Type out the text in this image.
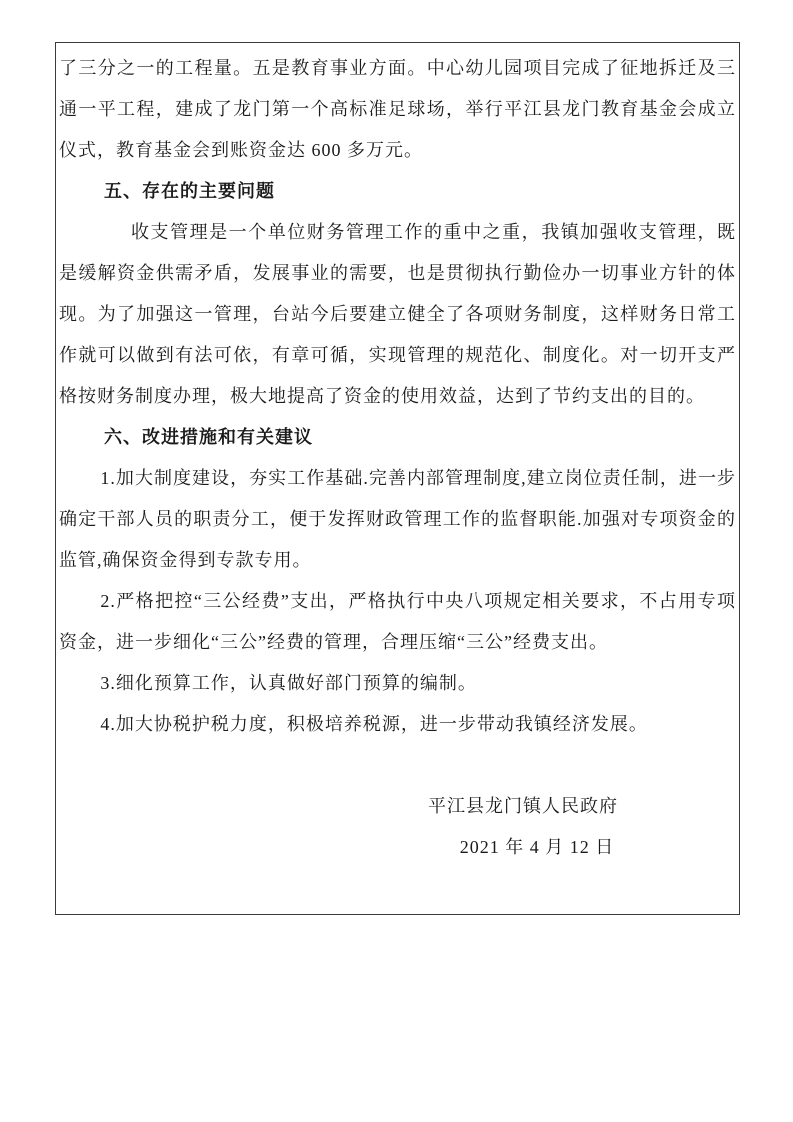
了三分之一的工程量。五是教育事业方面。中心幼儿园项目完成了征地拆迁及三通一平工程，建成了龙门第一个高标准足球场，举行平江县龙门教育基金会成立仪式，教育基金会到账资金达 600 多万元。

五、存在的主要问题

收支管理是一个单位财务管理工作的重中之重，我镇加强收支管理，既是缓解资金供需矛盾，发展事业的需要，也是贯彻执行勤俭办一切事业方针的体现。为了加强这一管理，台站今后要建立健全了各项财务制度，这样财务日常工作就可以做到有法可依，有章可循，实现管理的规范化、制度化。对一切开支严格按财务制度办理，极大地提高了资金的使用效益，达到了节约支出的目的。

六、改进措施和有关建议

1.加大制度建设，夯实工作基础.完善内部管理制度,建立岗位责任制，进一步确定干部人员的职责分工，便于发挥财政管理工作的监督职能.加强对专项资金的监管,确保资金得到专款专用。

2.严格把控“三公经费”支出，严格执行中央八项规定相关要求，不占用专项资金，进一步细化“三公”经费的管理，合理压缩“三公”经费支出。

3.细化预算工作，认真做好部门预算的编制。

4.加大协税护税力度，积极培养税源，进一步带动我镇经济发展。

平江县龙门镇人民政府

2021 年 4 月 12 日
